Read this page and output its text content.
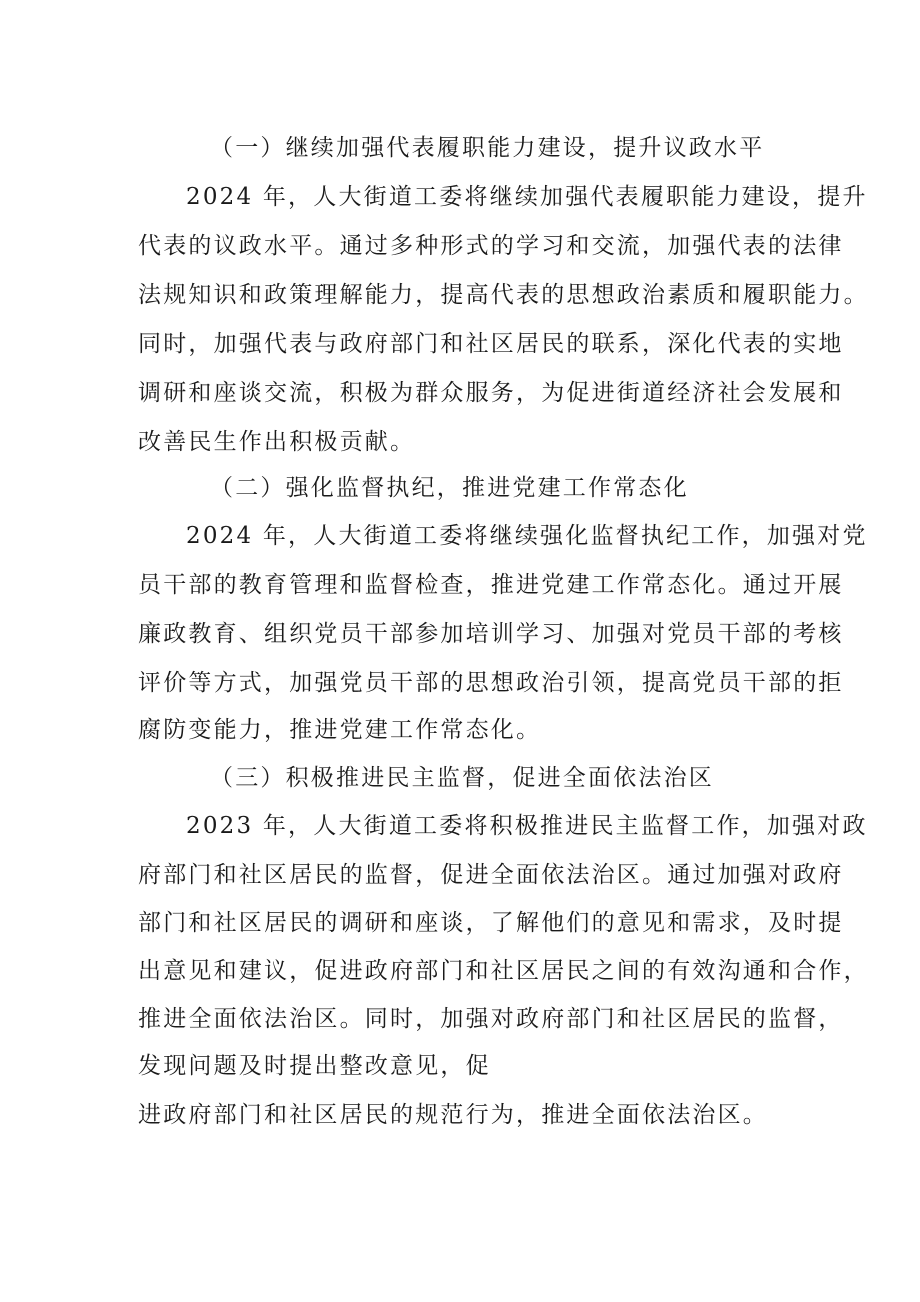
（一）继续加强代表履职能力建设，提升议政水平
2024 年，人大街道工委将继续加强代表履职能力建设，提升
代表的议政水平。通过多种形式的学习和交流，加强代表的法律
法规知识和政策理解能力，提高代表的思想政治素质和履职能力。
同时，加强代表与政府部门和社区居民的联系，深化代表的实地
调研和座谈交流，积极为群众服务，为促进街道经济社会发展和
改善民生作出积极贡献。
（二）强化监督执纪，推进党建工作常态化
2024 年，人大街道工委将继续强化监督执纪工作，加强对党
员干部的教育管理和监督检查，推进党建工作常态化。通过开展
廉政教育、组织党员干部参加培训学习、加强对党员干部的考核
评价等方式，加强党员干部的思想政治引领，提高党员干部的拒
腐防变能力，推进党建工作常态化。
（三）积极推进民主监督，促进全面依法治区
2023 年，人大街道工委将积极推进民主监督工作，加强对政
府部门和社区居民的监督，促进全面依法治区。通过加强对政府
部门和社区居民的调研和座谈，了解他们的意见和需求，及时提
出意见和建议，促进政府部门和社区居民之间的有效沟通和合作，
推进全面依法治区。同时，加强对政府部门和社区居民的监督，
发现问题及时提出整改意见，促
进政府部门和社区居民的规范行为，推进全面依法治区。
